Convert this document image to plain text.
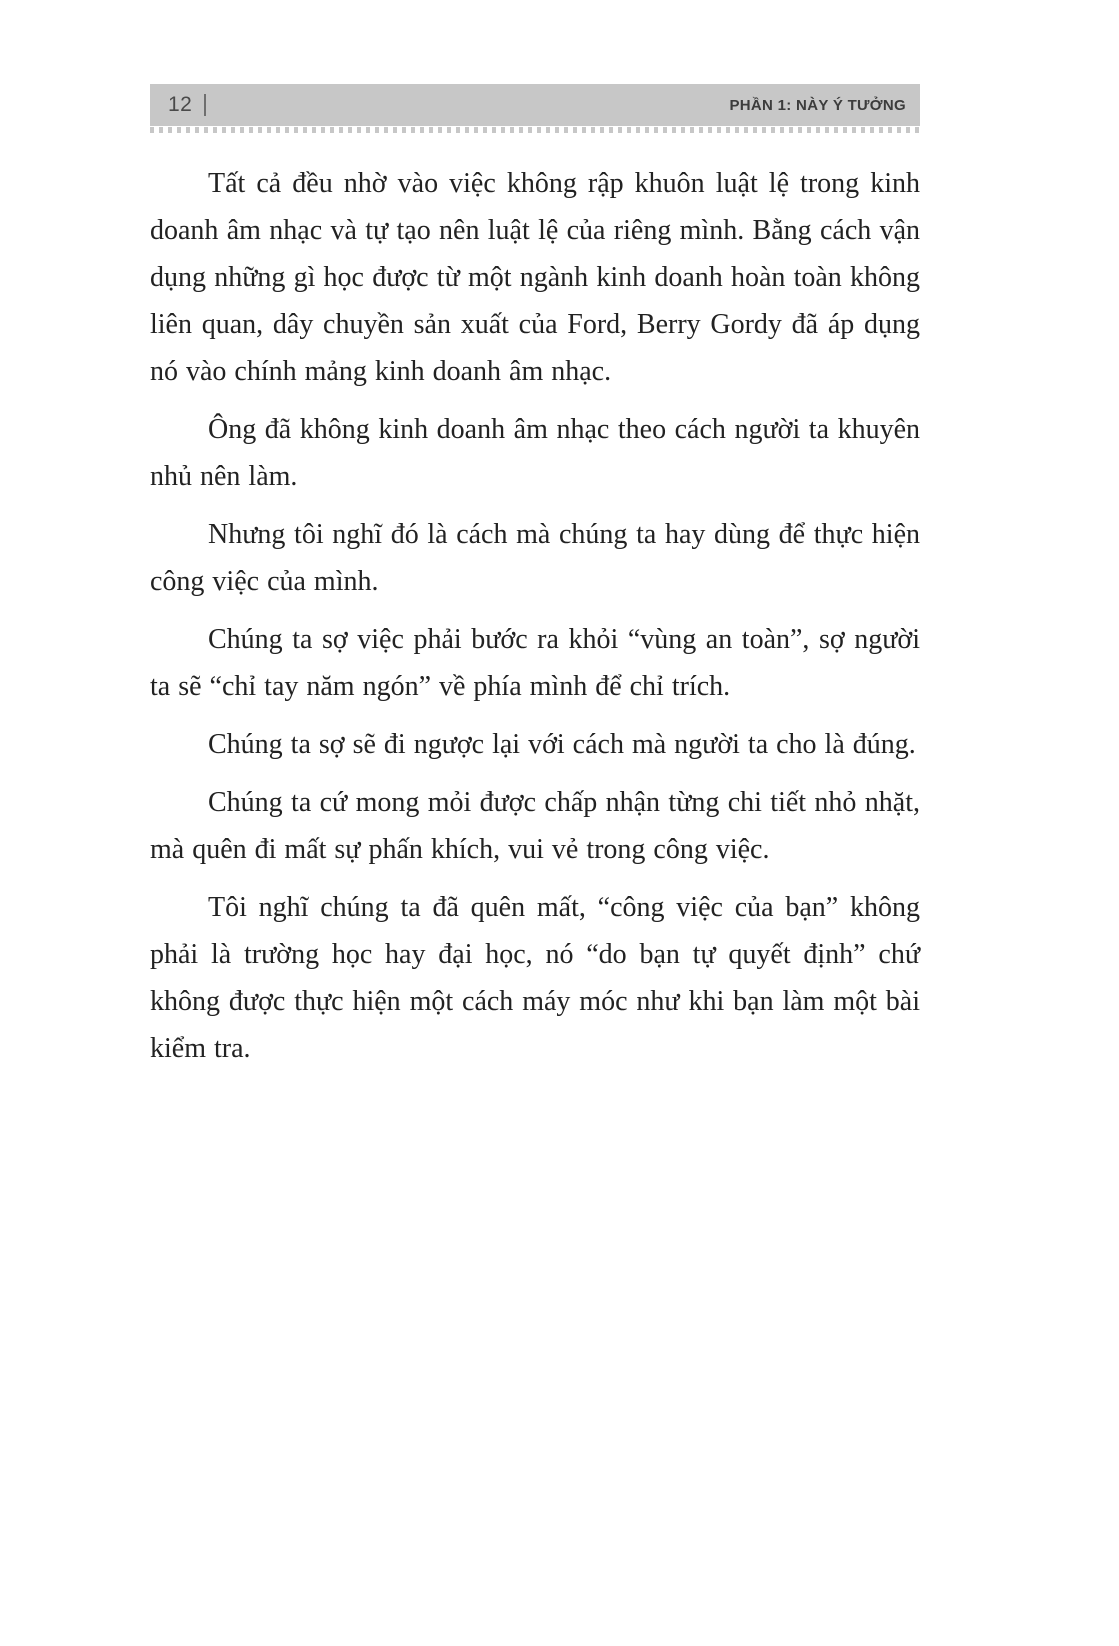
12	PHẦN 1: NÀY Ý TƯỞNG

Tất cả đều nhờ vào việc không rập khuôn luật lệ trong kinh doanh âm nhạc và tự tạo nên luật lệ của riêng mình. Bằng cách vận dụng những gì học được từ một ngành kinh doanh hoàn toàn không liên quan, dây chuyền sản xuất của Ford, Berry Gordy đã áp dụng nó vào chính mảng kinh doanh âm nhạc.

Ông đã không kinh doanh âm nhạc theo cách người ta khuyên nhủ nên làm.

Nhưng tôi nghĩ đó là cách mà chúng ta hay dùng để thực hiện công việc của mình.

Chúng ta sợ việc phải bước ra khỏi “vùng an toàn”, sợ người ta sẽ “chỉ tay năm ngón” về phía mình để chỉ trích.

Chúng ta sợ sẽ đi ngược lại với cách mà người ta cho là đúng.

Chúng ta cứ mong mỏi được chấp nhận từng chi tiết nhỏ nhặt, mà quên đi mất sự phấn khích, vui vẻ trong công việc.

Tôi nghĩ chúng ta đã quên mất, “công việc của bạn” không phải là trường học hay đại học, nó “do bạn tự quyết định” chứ không được thực hiện một cách máy móc như khi bạn làm một bài kiểm tra.
